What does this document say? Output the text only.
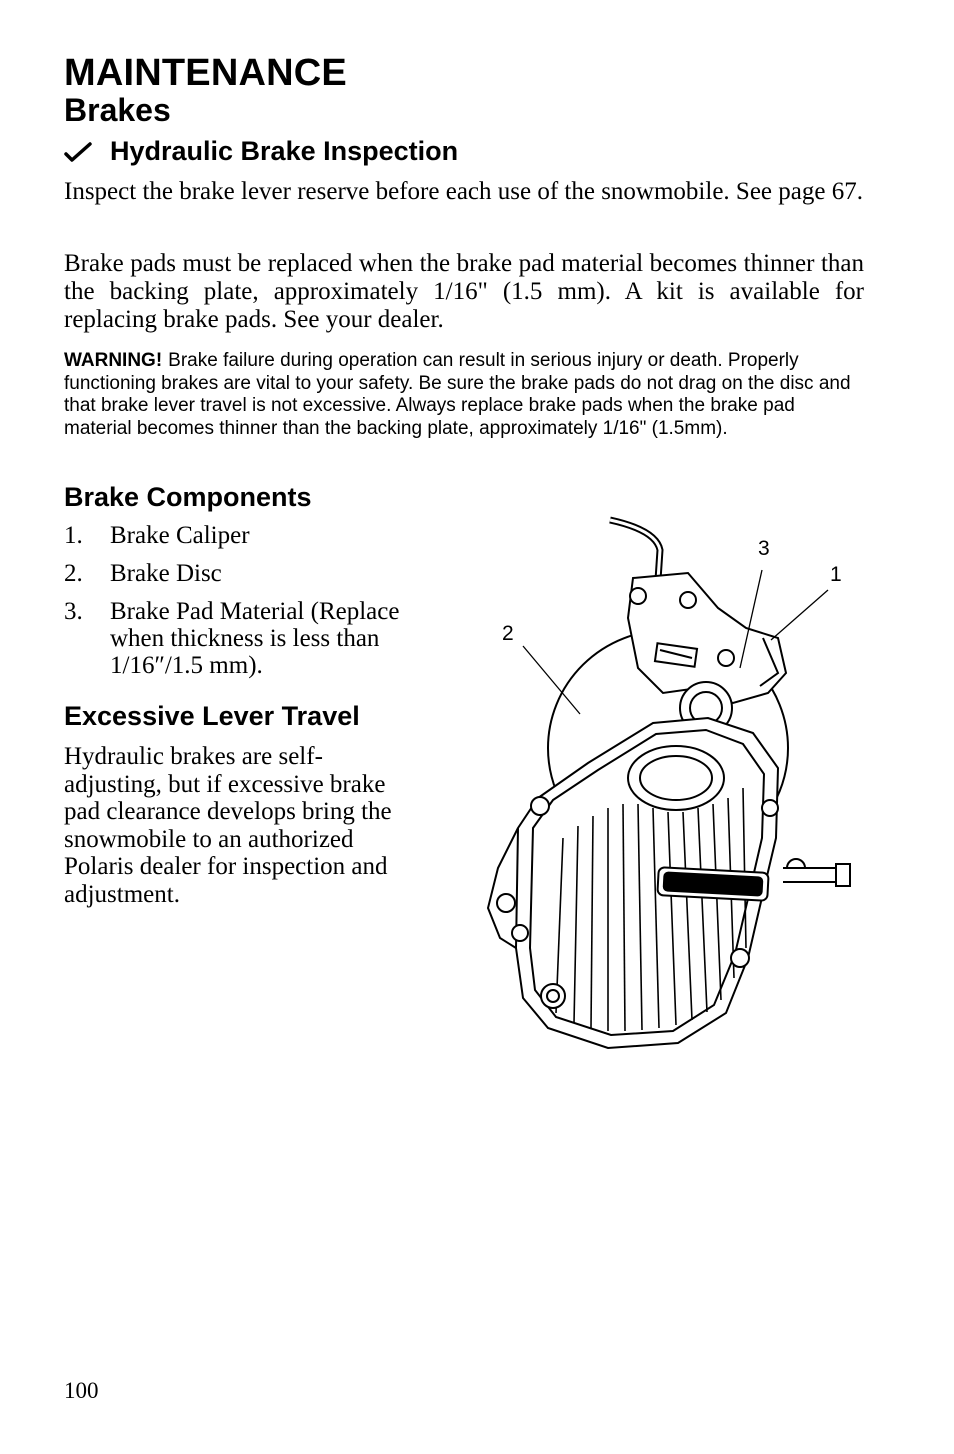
MAINTENANCE
Brakes
Hydraulic Brake Inspection
Inspect the brake lever reserve before each use of the snowmobile. See page 67.
Brake pads must be replaced when the brake pad material becomes thinner than the backing plate, approximately 1/16" (1.5 mm). A kit is available for replacing brake pads. See your dealer.
WARNING! Brake failure during operation can result in serious injury or death. Properly functioning brakes are vital to your safety. Be sure the brake pads do not drag on the disc and that brake lever travel is not excessive. Always replace brake pads when the brake pad material becomes thinner than the backing plate, approximately 1/16" (1.5mm).
Brake Components
1.	Brake Caliper
2.	Brake Disc
3.	Brake Pad Material (Replace when thickness is less than 1/16″/1.5 mm).
Excessive Lever Travel
Hydraulic brakes are self-adjusting, but if excessive brake pad clearance develops bring the snowmobile to an authorized Polaris dealer for inspection and adjustment.
3
1
2
100
